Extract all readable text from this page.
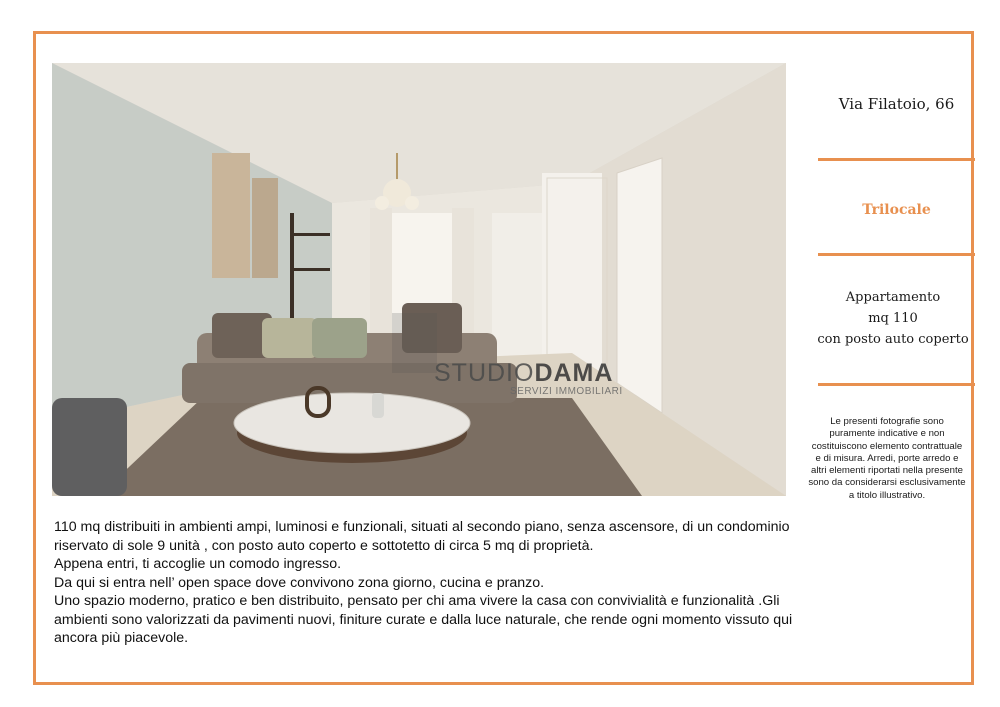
STUDIODAMA
SERVIZI IMMOBILIARI
Via Filatoio, 66
Trilocale
Appartamento
mq 110
con posto auto coperto
Le presenti fotografie sono puramente indicative e non costituiscono elemento contrattuale e di misura. Arredi, porte arredo e altri elementi riportati nella presente sono da considerarsi esclusivamente a titolo illustrativo.

110 mq distribuiti in ambienti ampi, luminosi e funzionali, situati al secondo piano, senza ascensore, di un condominio riservato di sole 9 unità , con posto auto coperto e sottotetto di circa 5 mq di proprietà.

Appena entri, ti accoglie un comodo ingresso.

Da qui si entra nell’ open space dove convivono zona giorno, cucina e pranzo.

Uno spazio moderno, pratico e ben distribuito, pensato per chi ama vivere la casa con convivialità e funzionalità .Gli ambienti sono valorizzati da pavimenti nuovi, finiture curate e dalla luce naturale, che rende ogni momento vissuto qui ancora più piacevole.
